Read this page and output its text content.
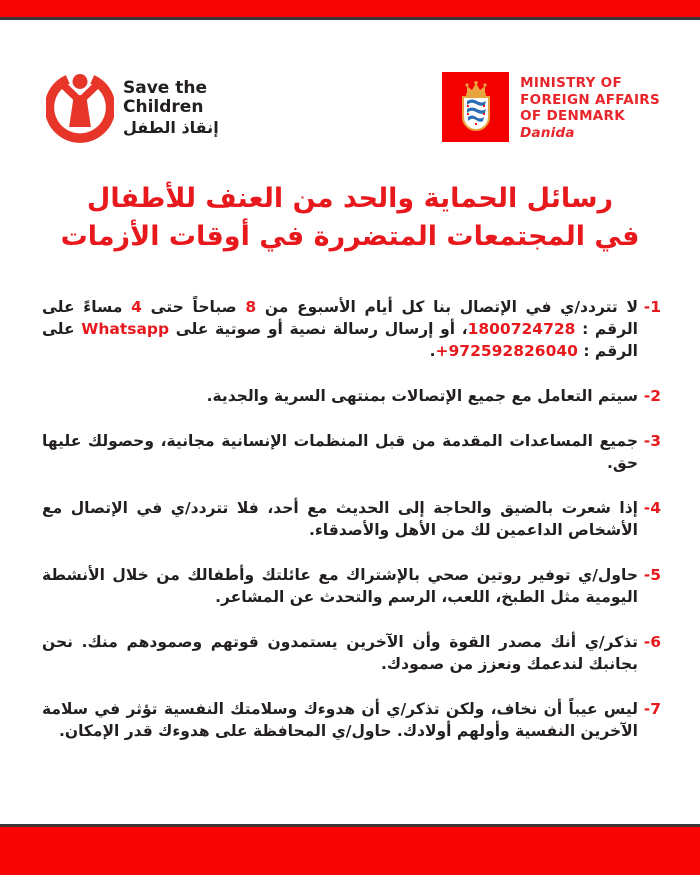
Save the
Children
إنقاذ الطفل
MINISTRY OF
FOREIGN AFFAIRS
OF DENMARK
Danida
رسائل الحماية والحد من العنف للأطفال
في المجتمعات المتضررة في أوقات الأزمات
1-
لا تتردد/ي في الإتصال بنا كل أيام الأسبوع من 8 صباحاً حتى 4 مساءً على الرقم : 1800724728، أو إرسال رسالة نصية أو صوتية على Whatsapp على الرقم : +972592826040.
2-
سيتم التعامل مع جميع الإتصالات بمنتهى السرية والجدية.
3-
جميع المساعدات المقدمة من قبل المنظمات الإنسانية مجانية، وحصولك عليها حق.
4-
إذا شعرت بالضيق والحاجة إلى الحديث مع أحد، فلا تتردد/ي في الإتصال مع الأشخاص الداعمين لك من الأهل والأصدقاء.
5-
حاول/ي توفير روتين صحي بالإشتراك مع عائلتك وأطفالك من خلال الأنشطة اليومية مثل الطبخ، اللعب، الرسم والتحدث عن المشاعر.
6-
تذكر/ي أنك مصدر القوة وأن الآخرين يستمدون قوتهم وصمودهم منك. نحن بجانبك لندعمك ونعزز من صمودك.
7-
ليس عيباً أن نخاف، ولكن تذكر/ي أن هدوءك وسلامتك النفسية تؤثر في سلامة الآخرين النفسية وأولهم أولادك. حاول/ي المحافظة على هدوءك قدر الإمكان.
